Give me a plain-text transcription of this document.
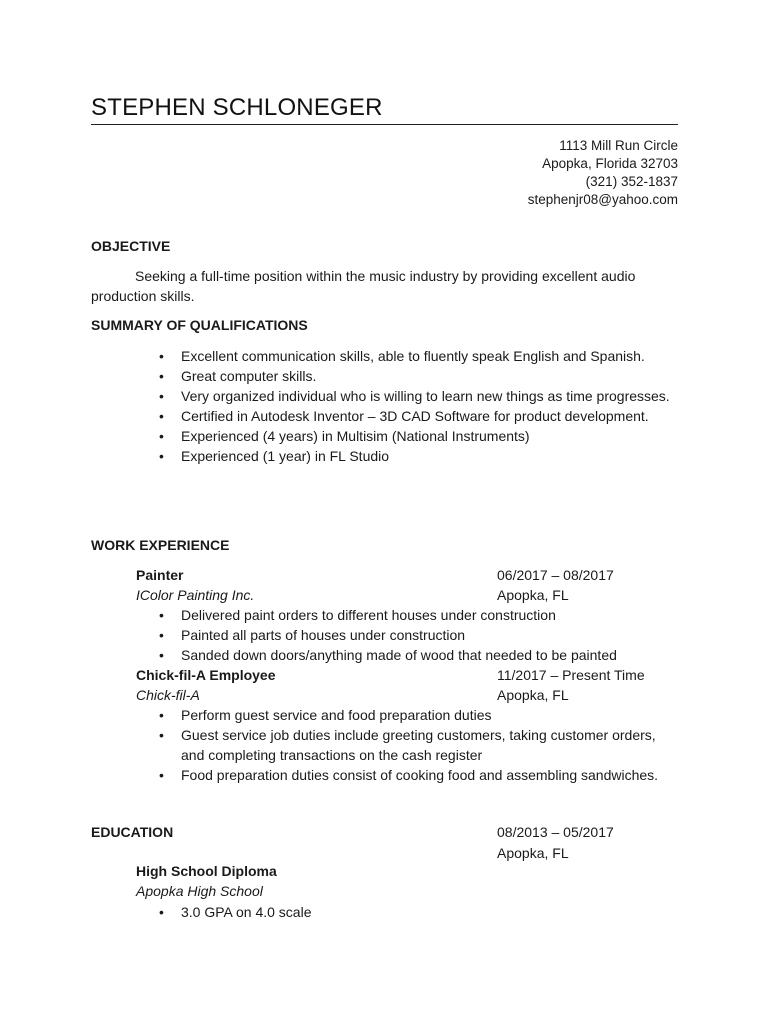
STEPHEN SCHLONEGER
1113 Mill Run Circle
Apopka, Florida 32703
(321) 352-1837
stephenjr08@yahoo.com
OBJECTIVE

Seeking a full-time position within the music industry by providing excellent audio production skills.

SUMMARY OF QUALIFICATIONS
• Excellent communication skills, able to fluently speak English and Spanish.
• Great computer skills.
• Very organized individual who is willing to learn new things as time progresses.
• Certified in Autodesk Inventor – 3D CAD Software for product development.
• Experienced (4 years) in Multisim (National Instruments)
• Experienced (1 year) in FL Studio
WORK EXPERIENCE
Painter	06/2017 – 08/2017
IColor Painting Inc.	Apopka, FL
• Delivered paint orders to different houses under construction
• Painted all parts of houses under construction
• Sanded down doors/anything made of wood that needed to be painted
Chick-fil-A Employee	11/2017 – Present Time
Chick-fil-A	Apopka, FL
• Perform guest service and food preparation duties
• Guest service job duties include greeting customers, taking customer orders, and completing transactions on the cash register
• Food preparation duties consist of cooking food and assembling sandwiches.
EDUCATION	08/2013 – 05/2017
Apopka, FL
High School Diploma
Apopka High School
• 3.0 GPA on 4.0 scale
